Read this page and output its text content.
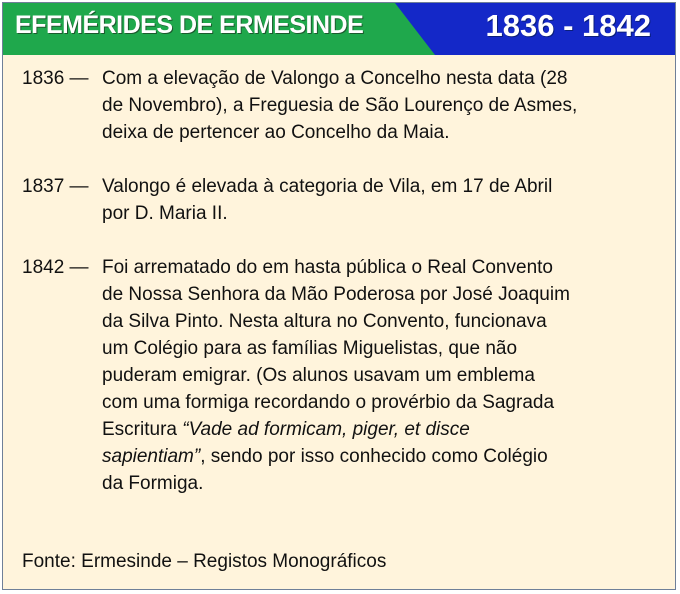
EFEMÉRIDES DE ERMESINDE	1836 - 1842
1836 — Com a elevação de Valongo a Concelho nesta data (28
de Novembro), a Freguesia de São Lourenço de Asmes,
deixa de pertencer ao Concelho da Maia.
1837 — Valongo é elevada à categoria de Vila, em 17 de Abril
por D. Maria II.
1842 — Foi arrematado do em hasta pública o Real Convento
de Nossa Senhora da Mão Poderosa por José Joaquim
da Silva Pinto. Nesta altura no Convento, funcionava
um Colégio para as famílias Miguelistas, que não
puderam emigrar. (Os alunos usavam um emblema
com uma formiga recordando o provérbio da Sagrada
Escritura “Vade ad formicam, piger, et disce
sapientiam”, sendo por isso conhecido como Colégio
da Formiga.
Fonte: Ermesinde – Registos Monográficos
